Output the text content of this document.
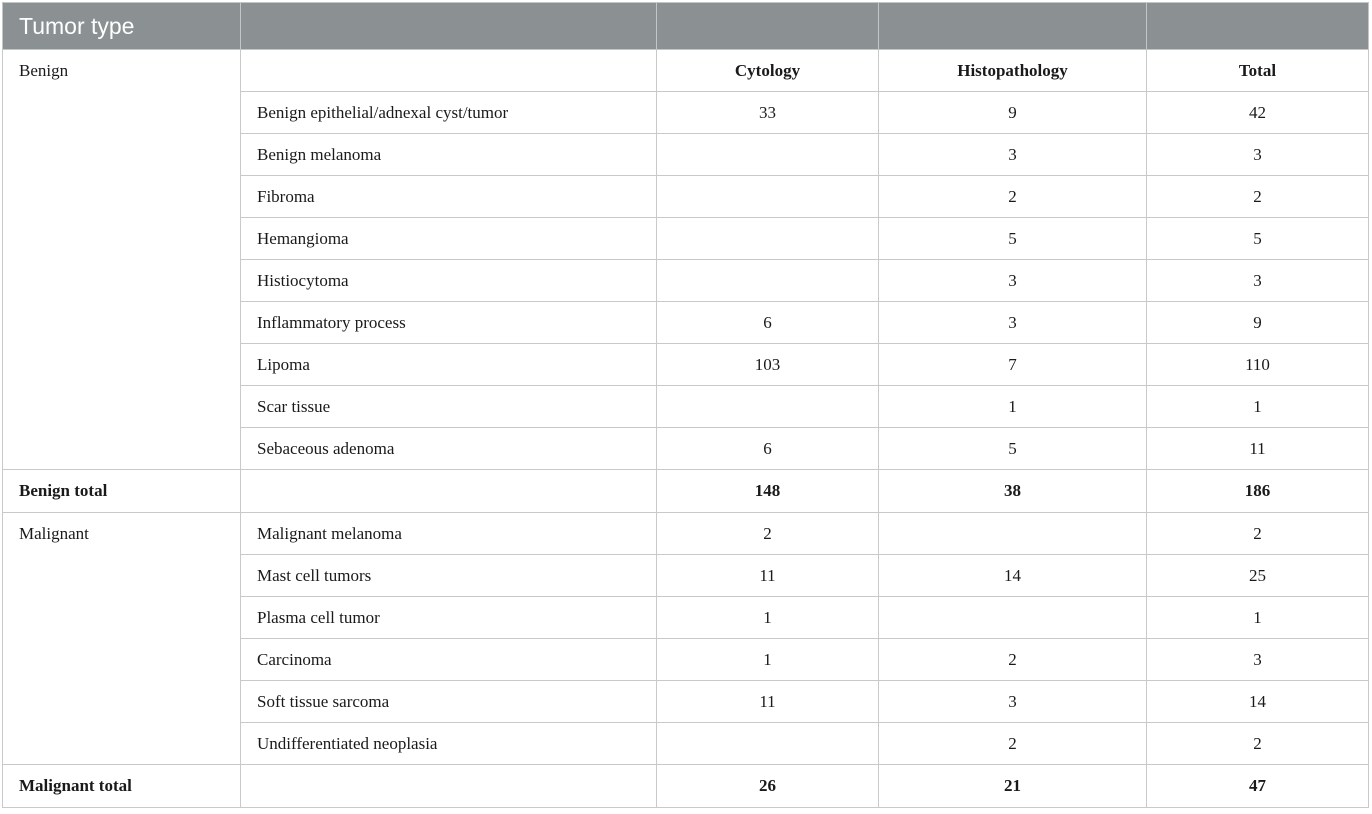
Tumor type				
Benign		Cytology	Histopathology	Total
	Benign epithelial/adnexal cyst/tumor	33	9	42
	Benign melanoma		3	3
	Fibroma		2	2
	Hemangioma		5	5
	Histiocytoma		3	3
	Inflammatory process	6	3	9
	Lipoma	103	7	110
	Scar tissue		1	1
	Sebaceous adenoma	6	5	11
Benign total		148	38	186
Malignant	Malignant melanoma	2		2
	Mast cell tumors	11	14	25
	Plasma cell tumor	1		1
	Carcinoma	1	2	3
	Soft tissue sarcoma	11	3	14
	Undifferentiated neoplasia		2	2
Malignant total		26	21	47
